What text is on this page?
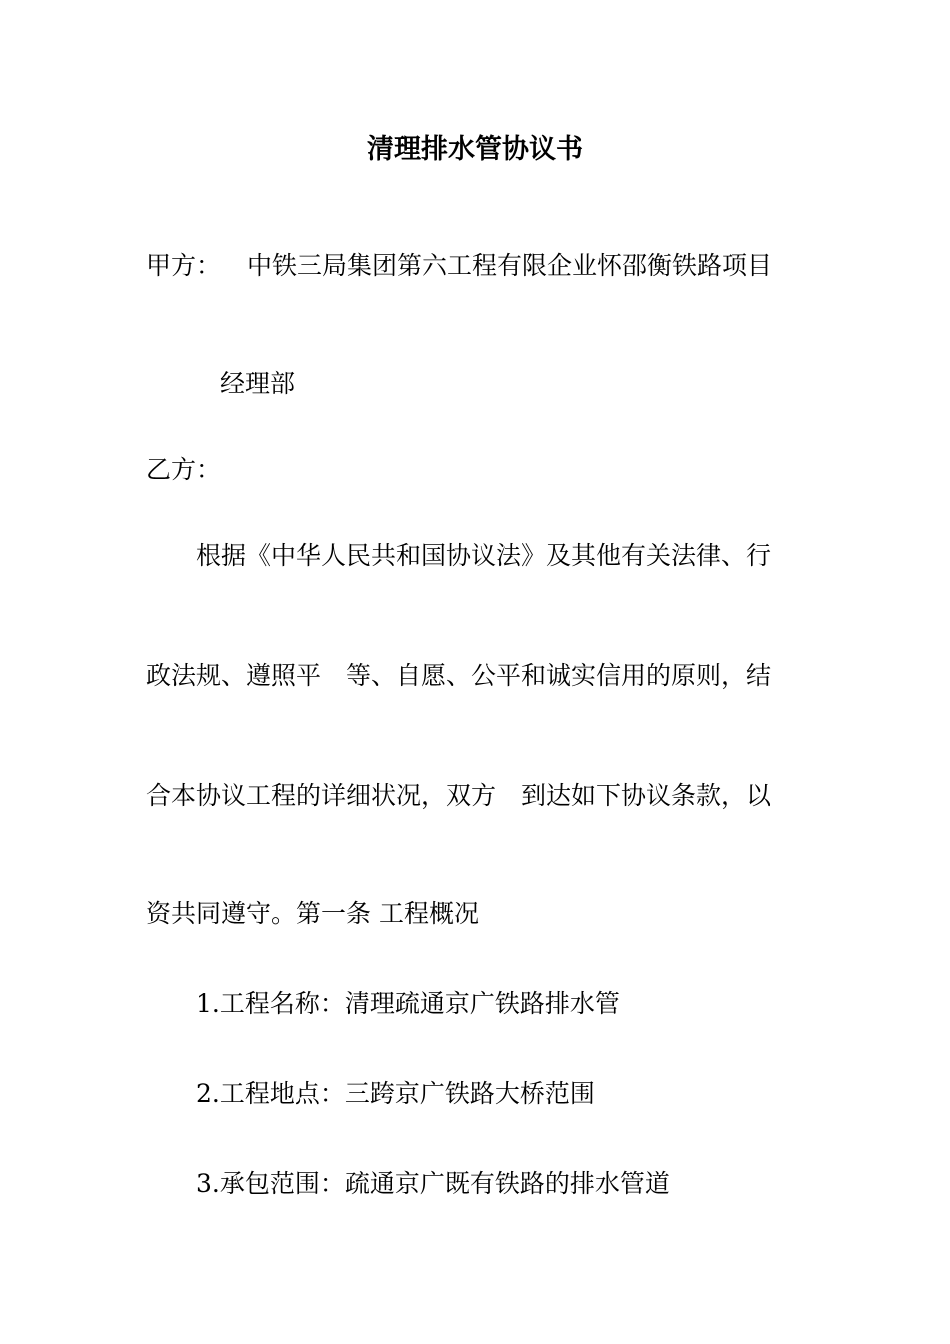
清理排水管协议书

甲方： 中铁三局集团第六工程有限企业怀邵衡铁路项目

经理部

乙方：

根据《中华人民共和国协议法》及其他有关法律、行

政法规、遵照平　等、自愿、公平和诚实信用的原则，结

合本协议工程的详细状况，双方　到达如下协议条款，以

资共同遵守。第一条 工程概况

1.工程名称：清理疏通京广铁路排水管

2.工程地点：三跨京广铁路大桥范围

3.承包范围：疏通京广既有铁路的排水管道
